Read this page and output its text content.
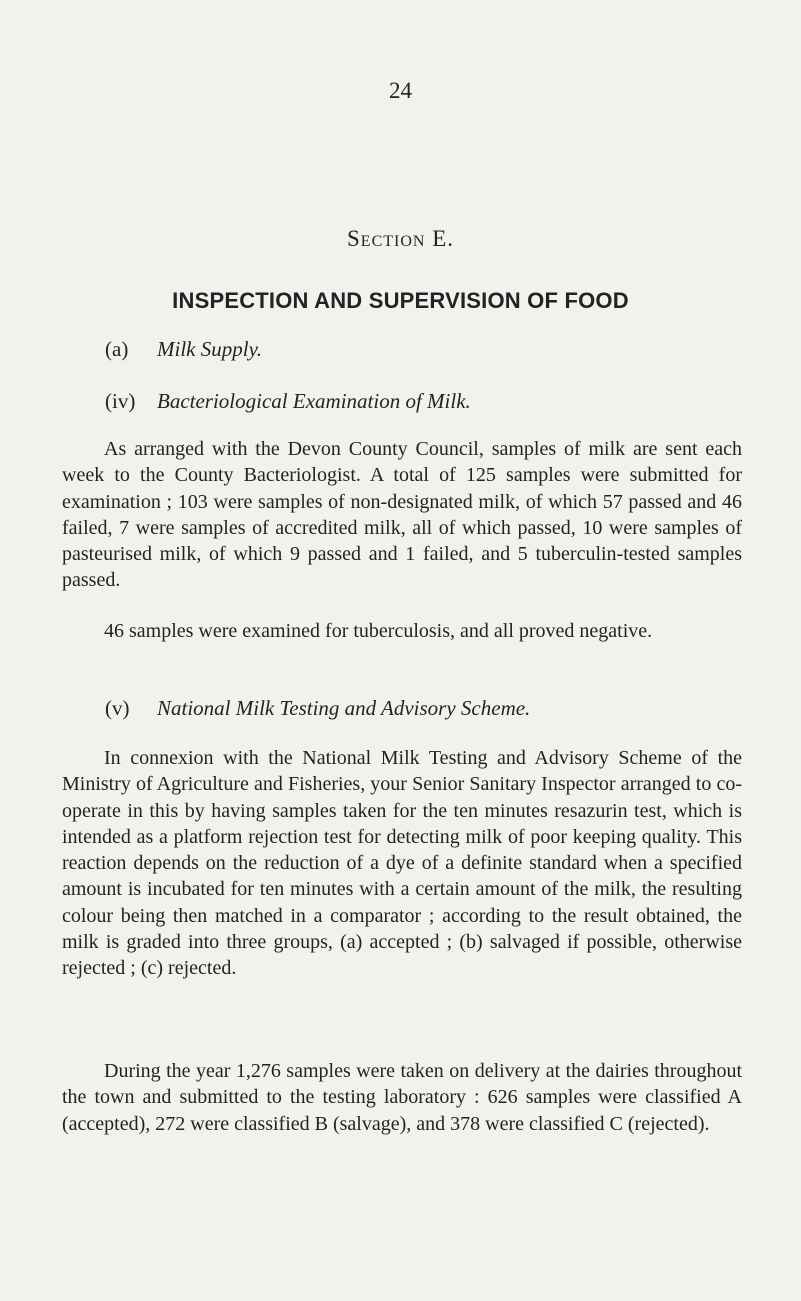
24
Section E.
INSPECTION AND SUPERVISION OF FOOD
(a) Milk Supply.
(iv) Bacteriological Examination of Milk.

As arranged with the Devon County Council, samples of milk are sent each week to the County Bacteriologist. A total of 125 samples were submitted for examination ; 103 were samples of non-designated milk, of which 57 passed and 46 failed, 7 were samples of accredited milk, all of which passed, 10 were samples of pasteurised milk, of which 9 passed and 1 failed, and 5 tuberculin-tested samples passed.

46 samples were examined for tuberculosis, and all proved negative.

(v) National Milk Testing and Advisory Scheme.

In connexion with the National Milk Testing and Advisory Scheme of the Ministry of Agriculture and Fisheries, your Senior Sanitary Inspector arranged to co-operate in this by having samples taken for the ten minutes resazurin test, which is intended as a platform rejection test for detecting milk of poor keeping quality. This reaction depends on the reduction of a dye of a definite standard when a specified amount is incubated for ten minutes with a certain amount of the milk, the resulting colour being then matched in a comparator ; according to the result obtained, the milk is graded into three groups, (a) accepted ; (b) salvaged if possible, otherwise rejected ; (c) rejected.

During the year 1,276 samples were taken on delivery at the dairies throughout the town and submitted to the testing laboratory : 626 samples were classified A (accepted), 272 were classified B (salvage), and 378 were classified C (rejected).
